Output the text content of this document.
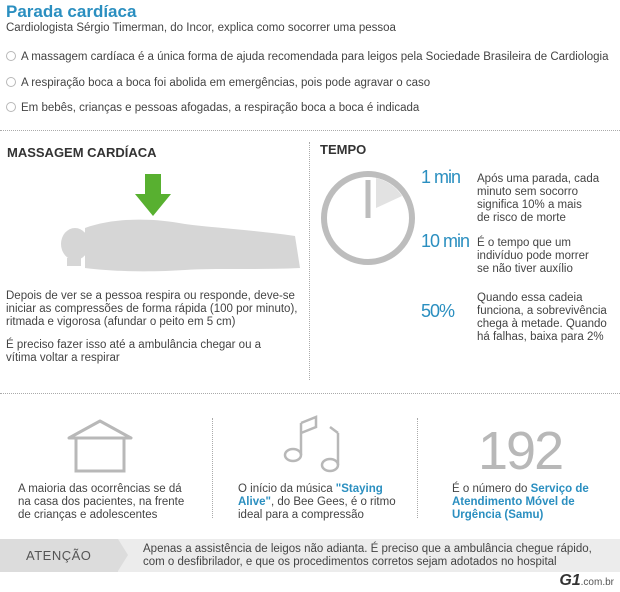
Parada cardíaca
Cardiologista Sérgio Timerman, do Incor, explica como socorrer uma pessoa
A massagem cardíaca é a única forma de ajuda recomendada para leigos pela Sociedade Brasileira de Cardiologia
A respiração boca a boca foi abolida em emergências, pois pode agravar o caso
Em bebês, crianças e pessoas afogadas, a respiração boca a boca é indicada
MASSAGEM CARDÍACA
Depois de ver se a pessoa respira ou responde, deve-se
iniciar as compressões de forma rápida (100 por minuto),
ritmada e vigorosa (afundar o peito em 5 cm)
É preciso fazer isso até a ambulância chegar ou a
vítima voltar a respirar
TEMPO
1 min Após uma parada, cada
minuto sem socorro
significa 10% a mais
de risco de morte
10 min É o tempo que um
indivíduo pode morrer
se não tiver auxílio
50%
Quando essa cadeia
funciona, a sobrevivência
chega à metade. Quando
há falhas, baixa para 2%
A maioria das ocorrências se dá
na casa dos pacientes, na frente
de crianças e adolescentes
O início da música "Staying
Alive", do Bee Gees, é o ritmo
ideal para a compressão
192
É o número do Serviço de
Atendimento Móvel de
Urgência (Samu)
ATENÇÃO	Apenas a assistência de leigos não adianta. É preciso que a ambulância chegue rápido,
com o desfibrilador, e que os procedimentos corretos sejam adotados no hospital
G1.com.br
